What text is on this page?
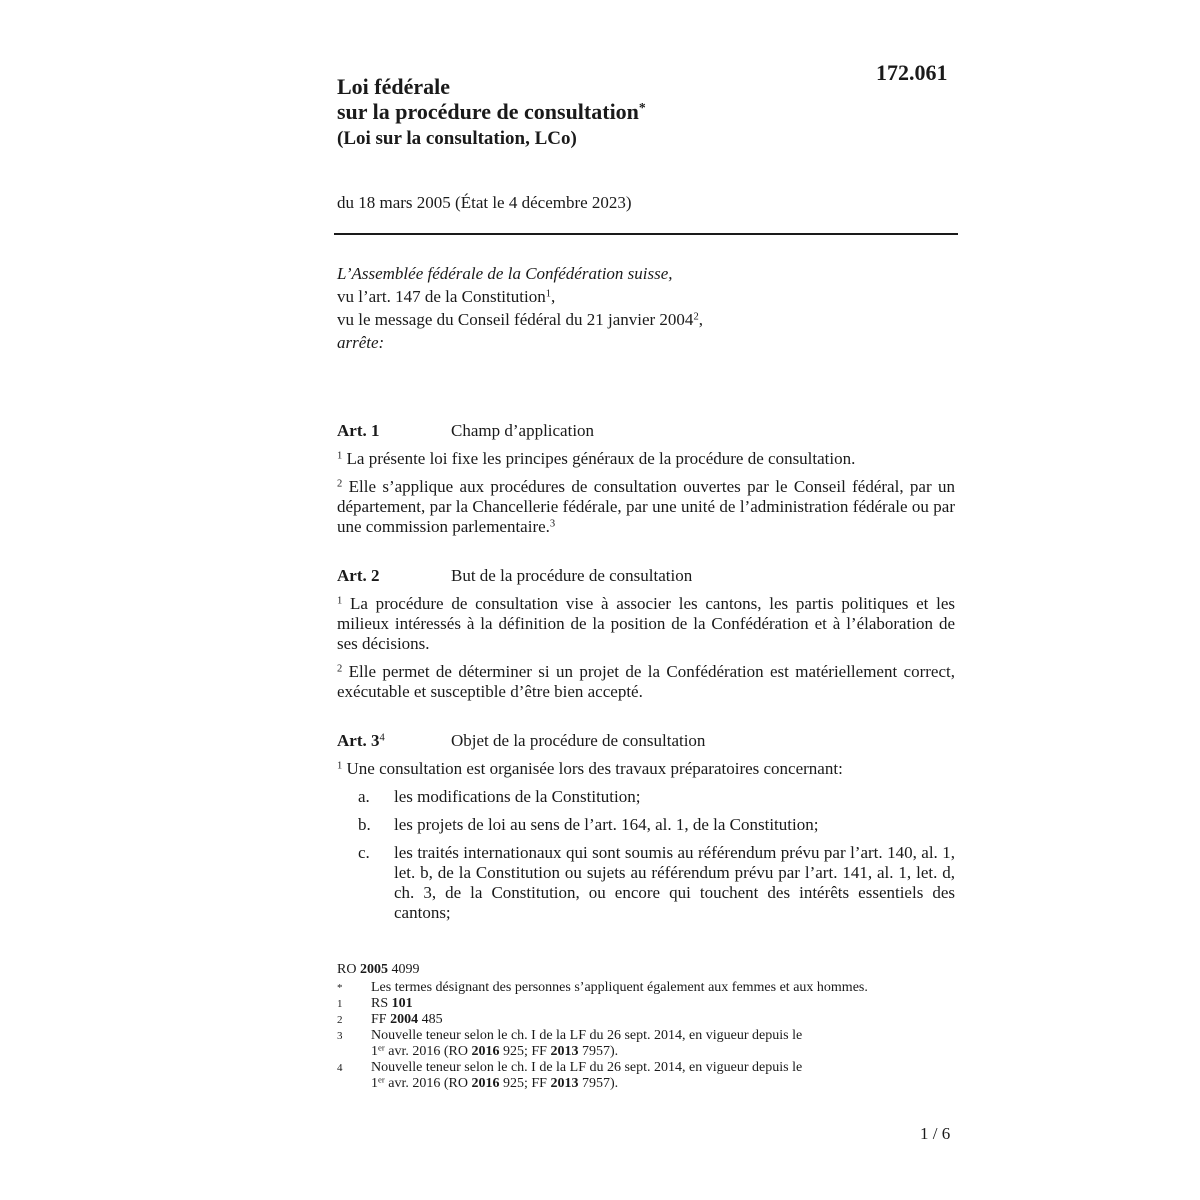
172.061
Loi fédérale
sur la procédure de consultation*
(Loi sur la consultation, LCo)
du 18 mars 2005 (État le 4 décembre 2023)
L’Assemblée fédérale de la Confédération suisse,
vu l’art. 147 de la Constitution$^1$,
vu le message du Conseil fédéral du 21 janvier 2004$^2$,
arrête:
Art. 1	Champ d’application
$^1$ La présente loi fixe les principes généraux de la procédure de consultation.
$^2$ Elle s’applique aux procédures de consultation ouvertes par le Conseil fédéral, par un département, par la Chancellerie fédérale, par une unité de l’administration fédérale ou par une commission parlementaire.$^3$
Art. 2	But de la procédure de consultation
$^1$ La procédure de consultation vise à associer les cantons, les partis politiques et les milieux intéressés à la définition de la position de la Confédération et à l’élaboration de ses décisions.
$^2$ Elle permet de déterminer si un projet de la Confédération est matériellement correct, exécutable et susceptible d’être bien accepté.
Art. $3^4$	Objet de la procédure de consultation
$^1$ Une consultation est organisée lors des travaux préparatoires concernant:
a. les modifications de la Constitution;
b. les projets de loi au sens de l’art. 164, al. 1, de la Constitution;
c. les traités internationaux qui sont soumis au référendum prévu par l’art. 140, al. 1, let. b, de la Constitution ou sujets au référendum prévu par l’art. 141, al. 1, let. d, ch. 3, de la Constitution, ou encore qui touchent des intérêts essentiels des cantons;
RO 2005 4099
* Les termes désignant des personnes s’appliquent également aux femmes et aux hommes.
1 RS 101
2 FF 2004 485
3 Nouvelle teneur selon le ch. I de la LF du 26 sept. 2014, en vigueur depuis le
1er avr. 2016 (RO 2016 925; FF 2013 7957).
4 Nouvelle teneur selon le ch. I de la LF du 26 sept. 2014, en vigueur depuis le
1er avr. 2016 (RO 2016 925; FF 2013 7957).
1 / 6
